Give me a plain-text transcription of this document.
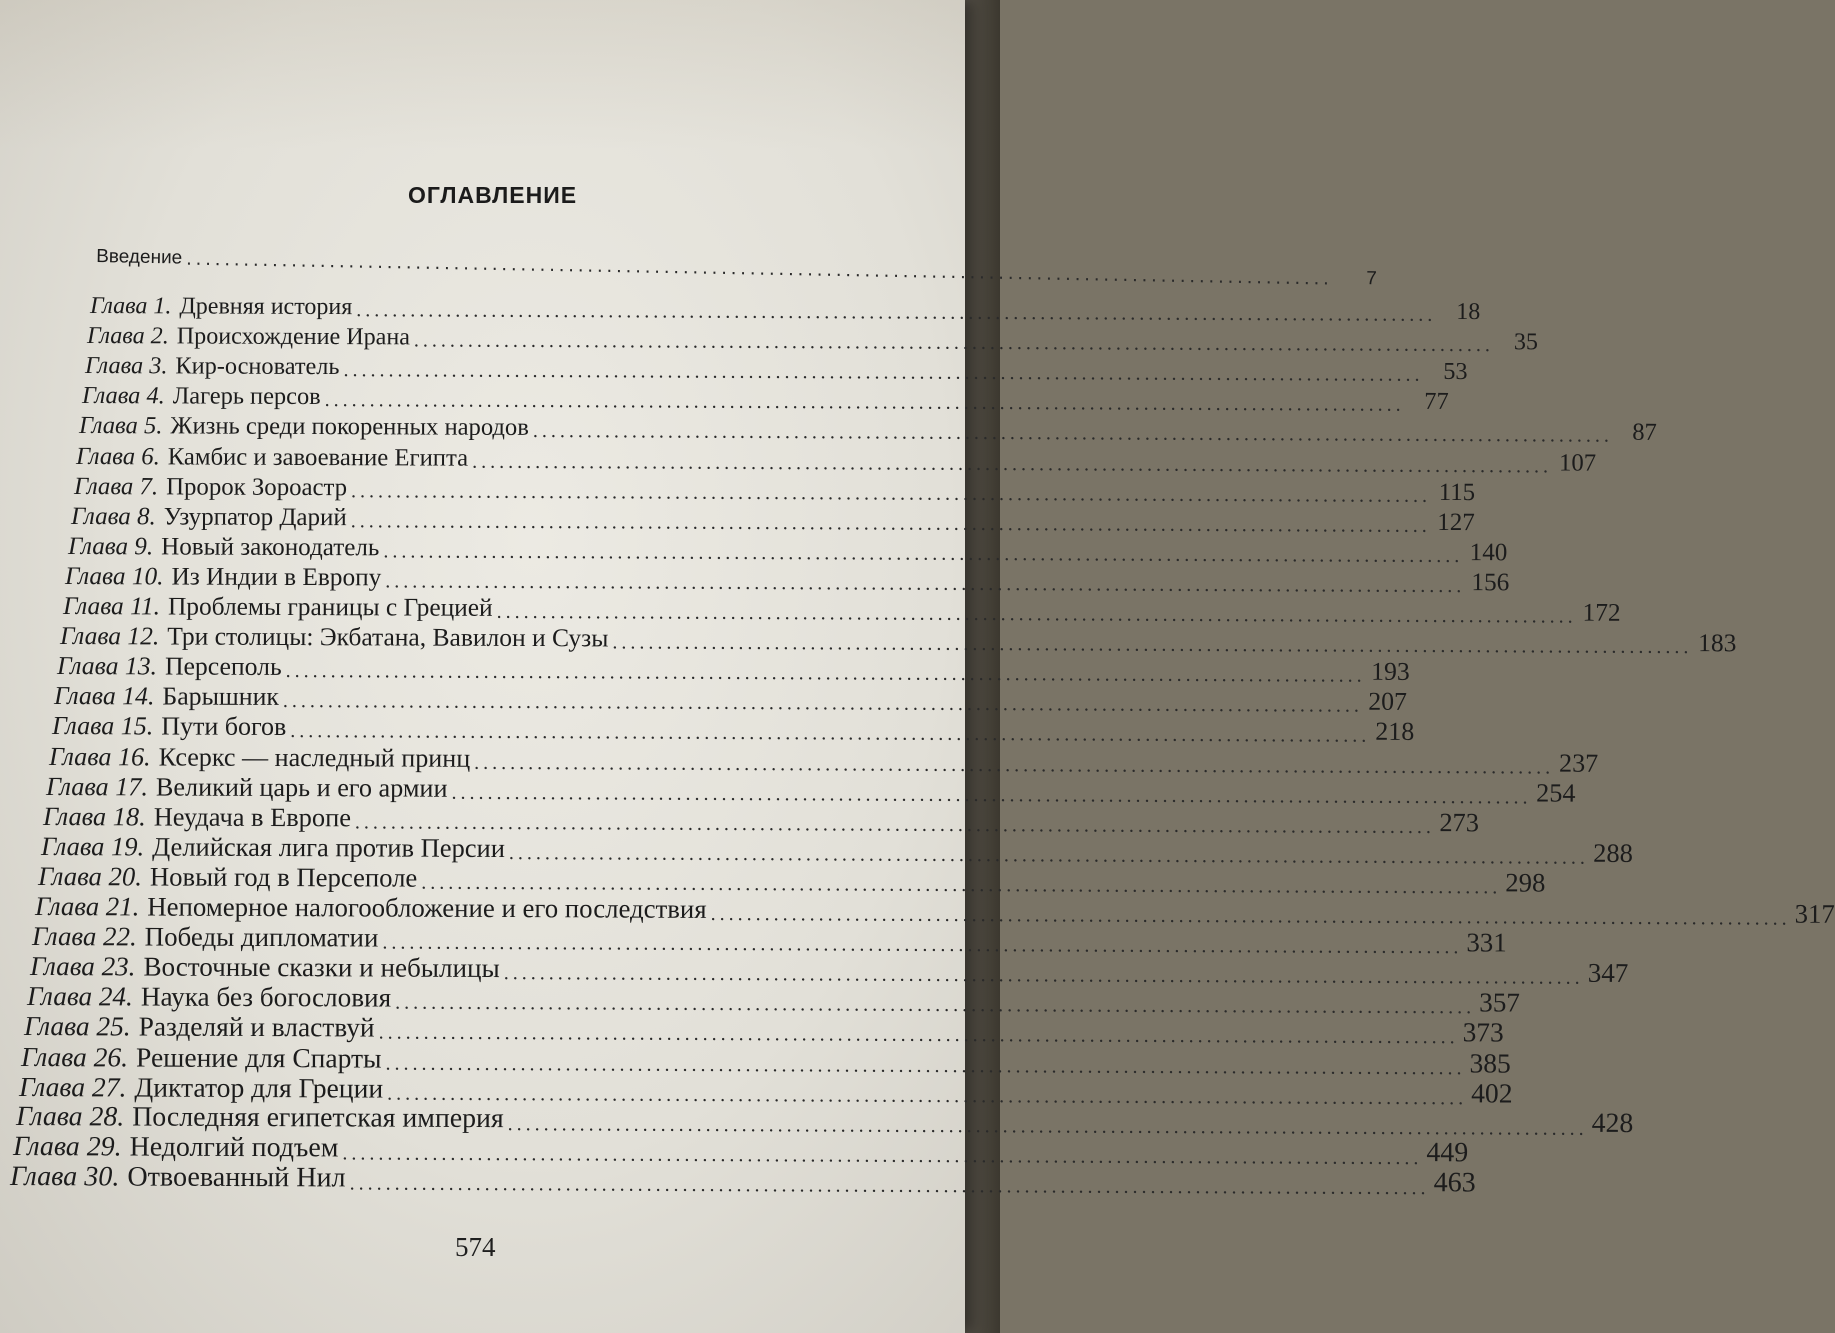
ОГЛАВЛЕНИЕ
Введение ........................................................................................................................	7
Глава 1. Древняя история ........................................................................................................................ 18
Глава 2. Происхождение Ирана ........................................................................................................................ 35
Глава 3. Кир-основатель ........................................................................................................................ 53
Глава 4. Лагерь персов ........................................................................................................................ 77
Глава 5. Жизнь среди покоренных народов ........................................................................................................................ 87
Глава 6. Камбис и завоевание Египта ........................................................................................................................ 107
Глава 7. Пророк Зороастр ........................................................................................................................ 115
Глава 8. Узурпатор Дарий ........................................................................................................................ 127
Глава 9. Новый законодатель ........................................................................................................................ 140
Глава 10. Из Индии в Европу ........................................................................................................................ 156
Глава 11. Проблемы границы с Грецией ........................................................................................................................ 172
Глава 12. Три столицы: Экбатана, Вавилон и Сузы ........................................................................................................................ 183
Глава 13. Персеполь ........................................................................................................................ 193
Глава 14. Барышник ........................................................................................................................ 207
Глава 15. Пути богов ........................................................................................................................ 218
Глава 16. Ксеркс — наследный принц ........................................................................................................................ 237
Глава 17. Великий царь и его армии ........................................................................................................................ 254
Глава 18. Неудача в Европе ........................................................................................................................ 273
Глава 19. Делийская лига против Персии ........................................................................................................................ 288
Глава 20. Новый год в Персеполе ........................................................................................................................ 298
Глава 21. Непомерное налогообложение и его последствия ........................................................................................................................ 317
Глава 22. Победы дипломатии ........................................................................................................................ 331
Глава 23. Восточные сказки и небылицы ........................................................................................................................ 347
Глава 24. Наука без богословия ........................................................................................................................ 357
Глава 25. Разделяй и властвуй ........................................................................................................................ 373
Глава 26. Решение для Спарты ........................................................................................................................ 385
Глава 27. Диктатор для Греции ........................................................................................................................ 402
Глава 28. Последняя египетская империя ........................................................................................................................ 428
Глава 29. Недолгий подъем ........................................................................................................................ 449
Глава 30. Отвоеванный Нил ........................................................................................................................ 463
574
